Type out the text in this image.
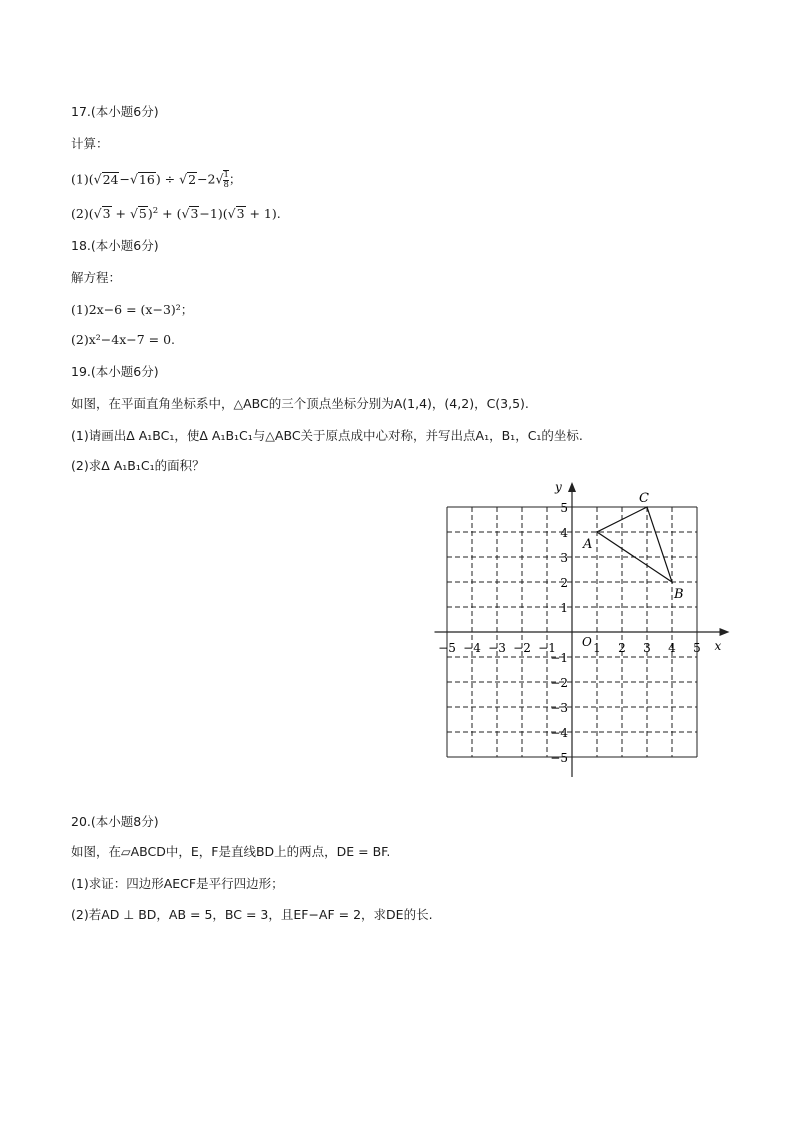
17.(本小题6分)
计算：
$(1)(√24-√16) \div √2-2√ \frac{1}{8}$ ；
$(2)(√3 + √5)^2 + (√3-1)(√3 + 1)$.
18.(本小题6分)
解方程：
(1)2x−6 = (x−3)²；
(2)x²−4x−7 = 0.
19.(本小题6分)
如图，在平面直角坐标系中，△ABC的三个顶点坐标分别为A(1,4)，(4,2)，C(3,5).
(1)请画出Δ A₁BC₁，使Δ A₁B₁C₁与△ABC关于原点成中心对称，并写出点A₁，B₁，C₁的坐标.
(2)求Δ A₁B₁C₁的面积？
x
y
O
−5 −4 −3 −2 −1	1 2 3 4 5
5
4
3
2
1
−1
−2
−3
−4
−5
A
B
C
20.(本小题8分)
如图，在▱ABCD中，E，F是直线BD上的两点，DE = BF.
(1)求证：四边形AECF是平行四边形；
(2)若AD ⊥ BD，AB = 5，BC = 3，且EF−AF = 2，求DE的长.
